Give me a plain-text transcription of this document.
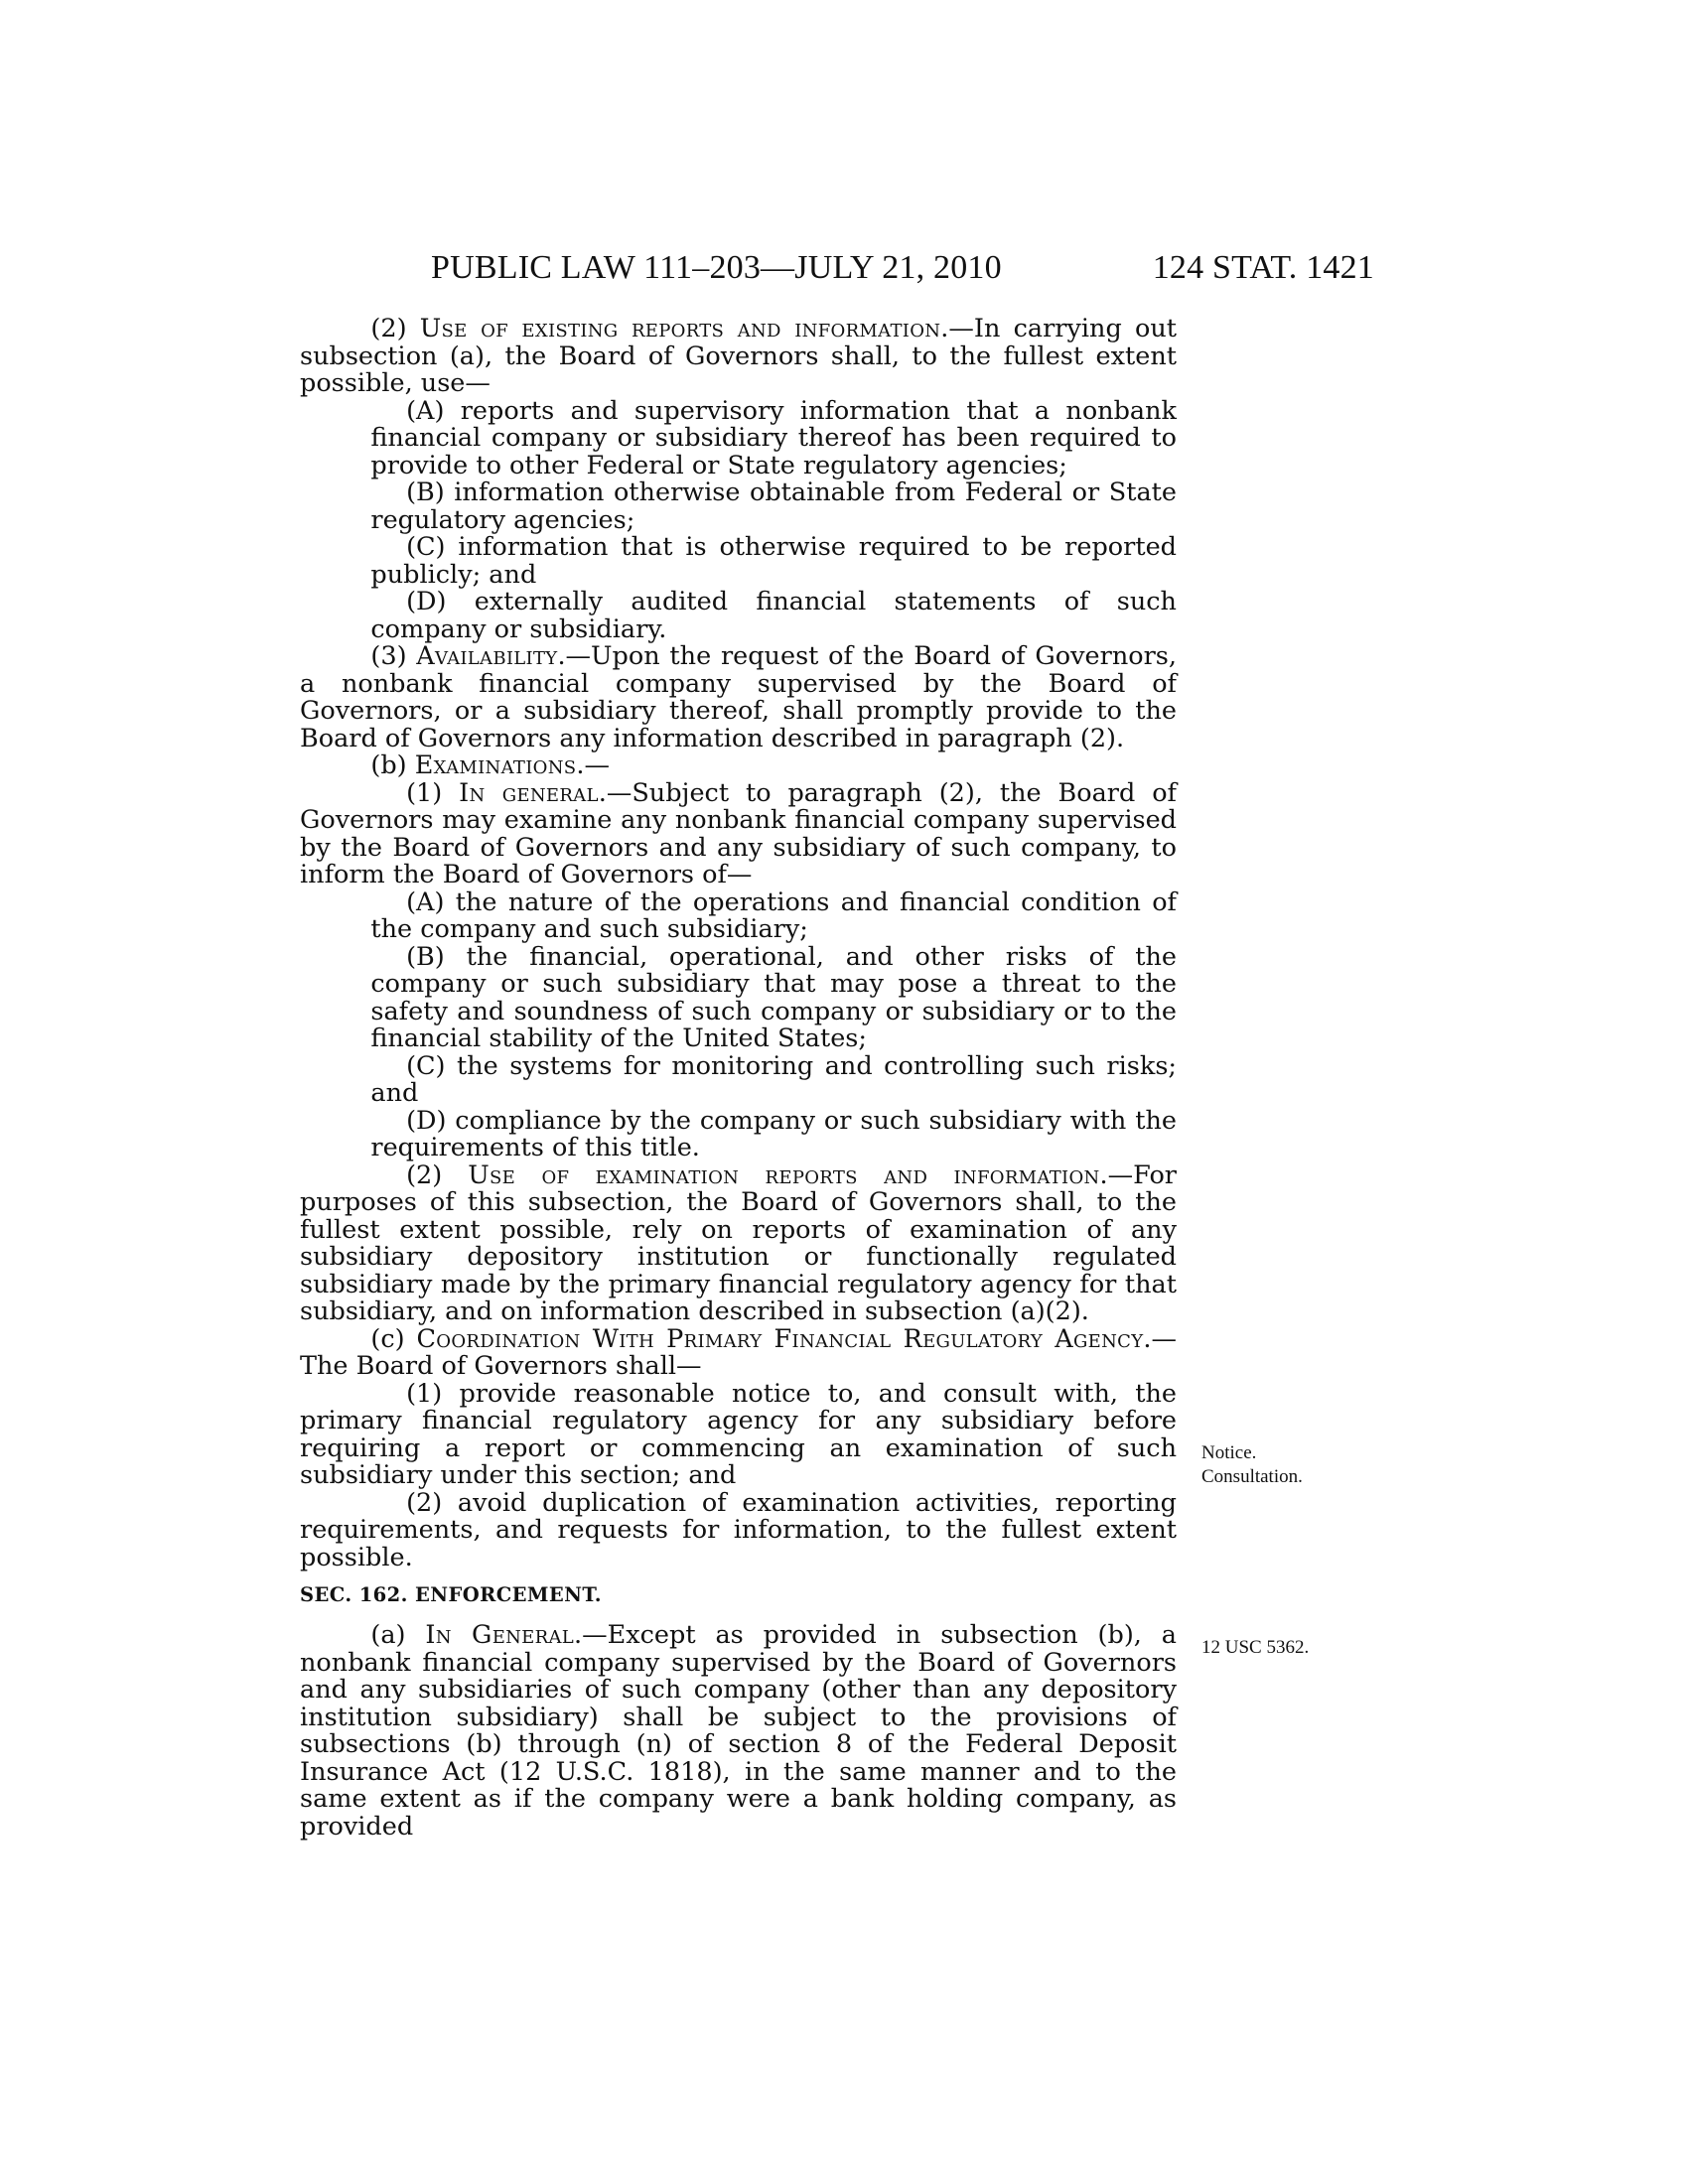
PUBLIC LAW 111–203—JULY 21, 2010	124 STAT. 1421

(2) Use of existing reports and information.—In carrying out subsection (a), the Board of Governors shall, to the fullest extent possible, use—

(A) reports and supervisory information that a nonbank financial company or subsidiary thereof has been required to provide to other Federal or State regulatory agencies;

(B) information otherwise obtainable from Federal or State regulatory agencies;

(C) information that is otherwise required to be reported publicly; and

(D) externally audited financial statements of such company or subsidiary.

(3) Availability.—Upon the request of the Board of Governors, a nonbank financial company supervised by the Board of Governors, or a subsidiary thereof, shall promptly provide to the Board of Governors any information described in paragraph (2).

(b) Examinations.—

(1) In general.—Subject to paragraph (2), the Board of Governors may examine any nonbank financial company supervised by the Board of Governors and any subsidiary of such company, to inform the Board of Governors of—

(A) the nature of the operations and financial condition of the company and such subsidiary;

(B) the financial, operational, and other risks of the company or such subsidiary that may pose a threat to the safety and soundness of such company or subsidiary or to the financial stability of the United States;

(C) the systems for monitoring and controlling such risks; and

(D) compliance by the company or such subsidiary with the requirements of this title.

(2) Use of examination reports and information.—For purposes of this subsection, the Board of Governors shall, to the fullest extent possible, rely on reports of examination of any subsidiary depository institution or functionally regulated subsidiary made by the primary financial regulatory agency for that subsidiary, and on information described in subsection (a)(2).

(c) Coordination With Primary Financial Regulatory Agency.—The Board of Governors shall—

(1) provide reasonable notice to, and consult with, the primary financial regulatory agency for any subsidiary before requiring a report or commencing an examination of such subsidiary under this section; and

(2) avoid duplication of examination activities, reporting requirements, and requests for information, to the fullest extent possible.

SEC. 162. ENFORCEMENT.

(a) In General.—Except as provided in subsection (b), a nonbank financial company supervised by the Board of Governors and any subsidiaries of such company (other than any depository institution subsidiary) shall be subject to the provisions of subsections (b) through (n) of section 8 of the Federal Deposit Insurance Act (12 U.S.C. 1818), in the same manner and to the same extent as if the company were a bank holding company, as provided

Notice.
Consultation.
12 USC 5362.
